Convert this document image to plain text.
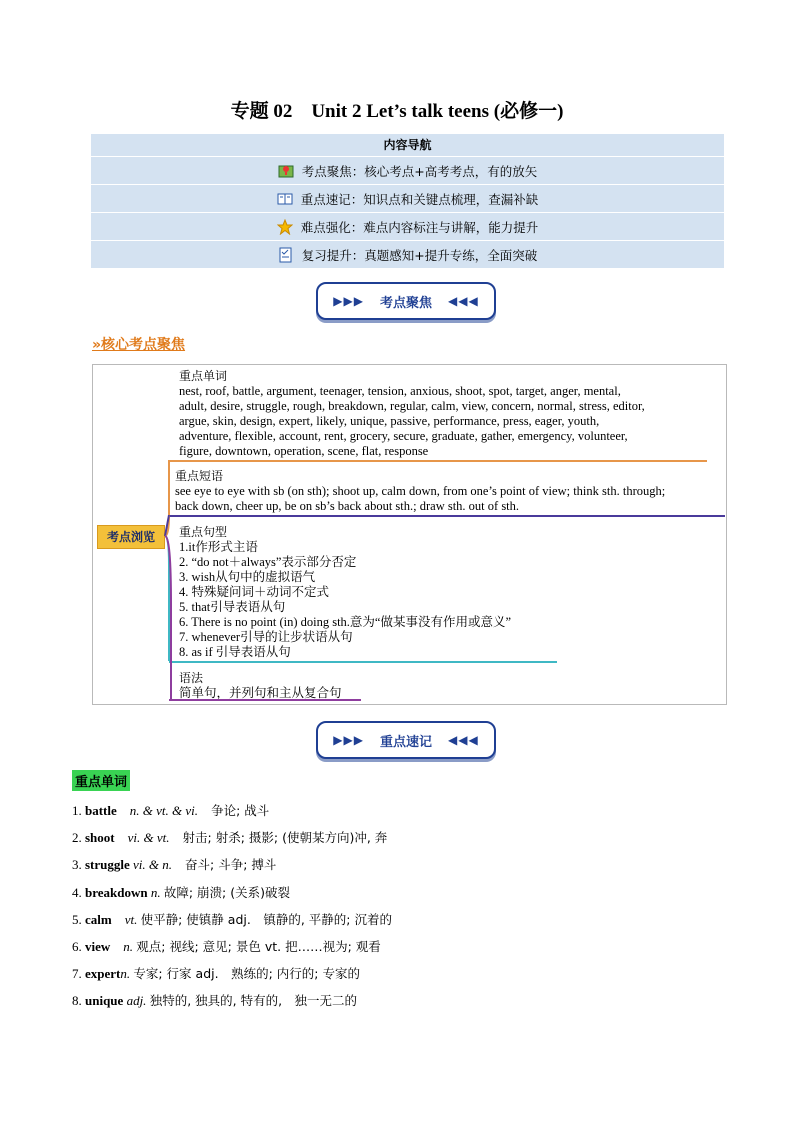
专题 02　Unit 2 Let’s talk teens (必修一)
内容导航
考点聚焦：核心考点+高考考点，有的放矢
重点速记：知识点和关键点梳理，查漏补缺
难点强化：难点内容标注与讲解，能力提升
复习提升：真题感知+提升专练，全面突破
▶▶▶ 考点聚焦 ◀◀◀
»核心考点聚焦
考点浏览
重点单词
nest, roof, battle, argument, teenager, tension, anxious, shoot, spot, target, anger, mental,
adult, desire, struggle, rough, breakdown, regular, calm, view, concern, normal, stress, editor,
argue, skin, design, expert, likely, unique, passive, performance, press, eager, youth,
adventure, flexible, account, rent, grocery, secure, graduate, gather, emergency, volunteer,
figure, downtown, operation, scene, flat, response
重点短语
see eye to eye with sb (on sth); shoot up, calm down, from one’s point of view; think sth. through;
back down, cheer up, be on sb’s back about sth.; draw sth. out of sth.
重点句型
1.it作形式主语
2. “do not＋always”表示部分否定
3. wish从句中的虚拟语气
4. 特殊疑问词＋动词不定式
5. that引导表语从句
6. There is no point (in) doing sth.意为“做某事没有作用或意义”
7. whenever引导的让步状语从句
8. as if 引导表语从句
语法
简单句，并列句和主从复合句
▶▶▶ 重点速记 ◀◀◀
重点单词
1. battle　 n. & vt. & vi.　 争论; 战斗
2. shoot　 vi. & vt.　 射击; 射杀; 摄影; (使朝某方向)冲, 奔
3. struggle vi. & n.　 奋斗; 斗争; 搏斗
4. breakdown n. 故障; 崩溃; (关系)破裂
5. calm　 vt. 使平静; 使镇静 adj.　镇静的, 平静的; 沉着的
6. view　 n. 观点; 视线; 意见; 景色 vt. 把……视为; 观看
7. expertn. 专家; 行家 adj.　熟练的; 内行的; 专家的
8. unique adj. 独特的, 独具的, 特有的,　独一无二的
